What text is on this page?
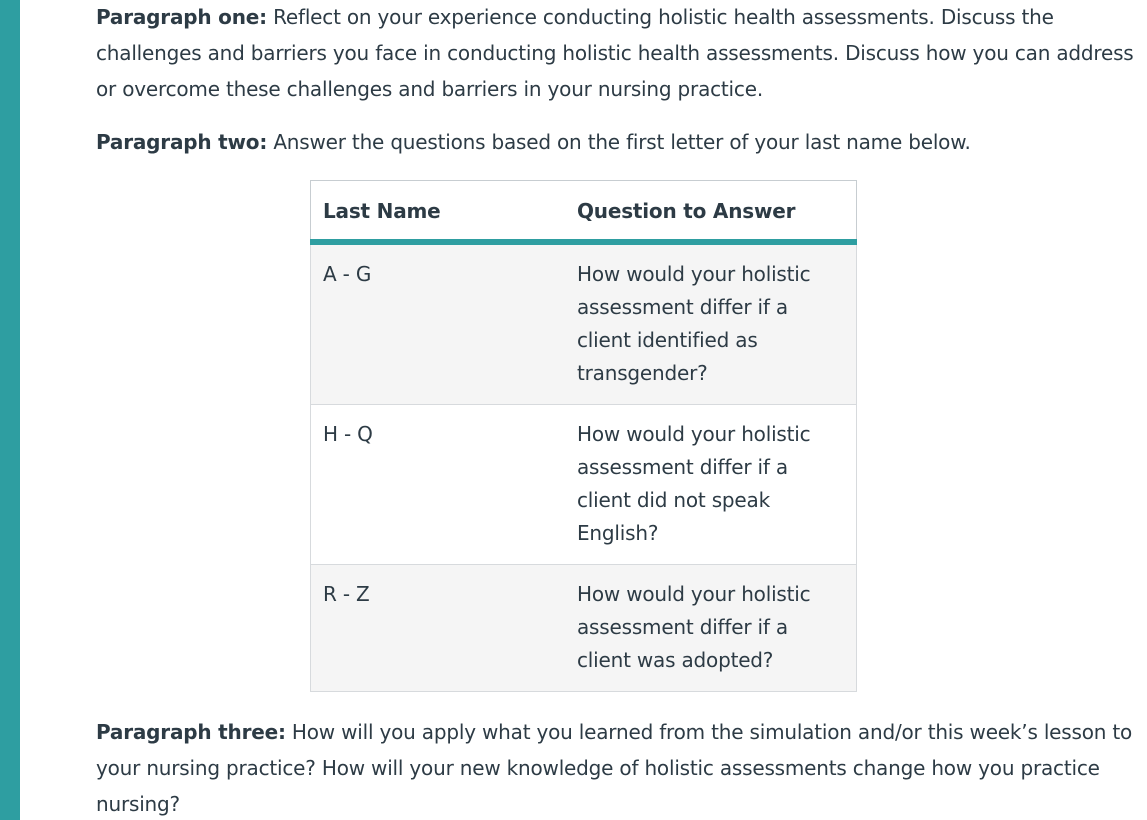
Paragraph one: Reflect on your experience conducting holistic health assessments. Discuss the challenges and barriers you face in conducting holistic health assessments. Discuss how you can address or overcome these challenges and barriers in your nursing practice.

Paragraph two: Answer the questions based on the first letter of your last name below.

Last Name	Question to Answer
A - G	How would your holistic assessment differ if a client identified as transgender?
H - Q	How would your holistic assessment differ if a client did not speak English?
R - Z	How would your holistic assessment differ if a client was adopted?

Paragraph three: How will you apply what you learned from the simulation and/or this week’s lesson to your nursing practice? How will your new knowledge of holistic assessments change how you practice nursing?
